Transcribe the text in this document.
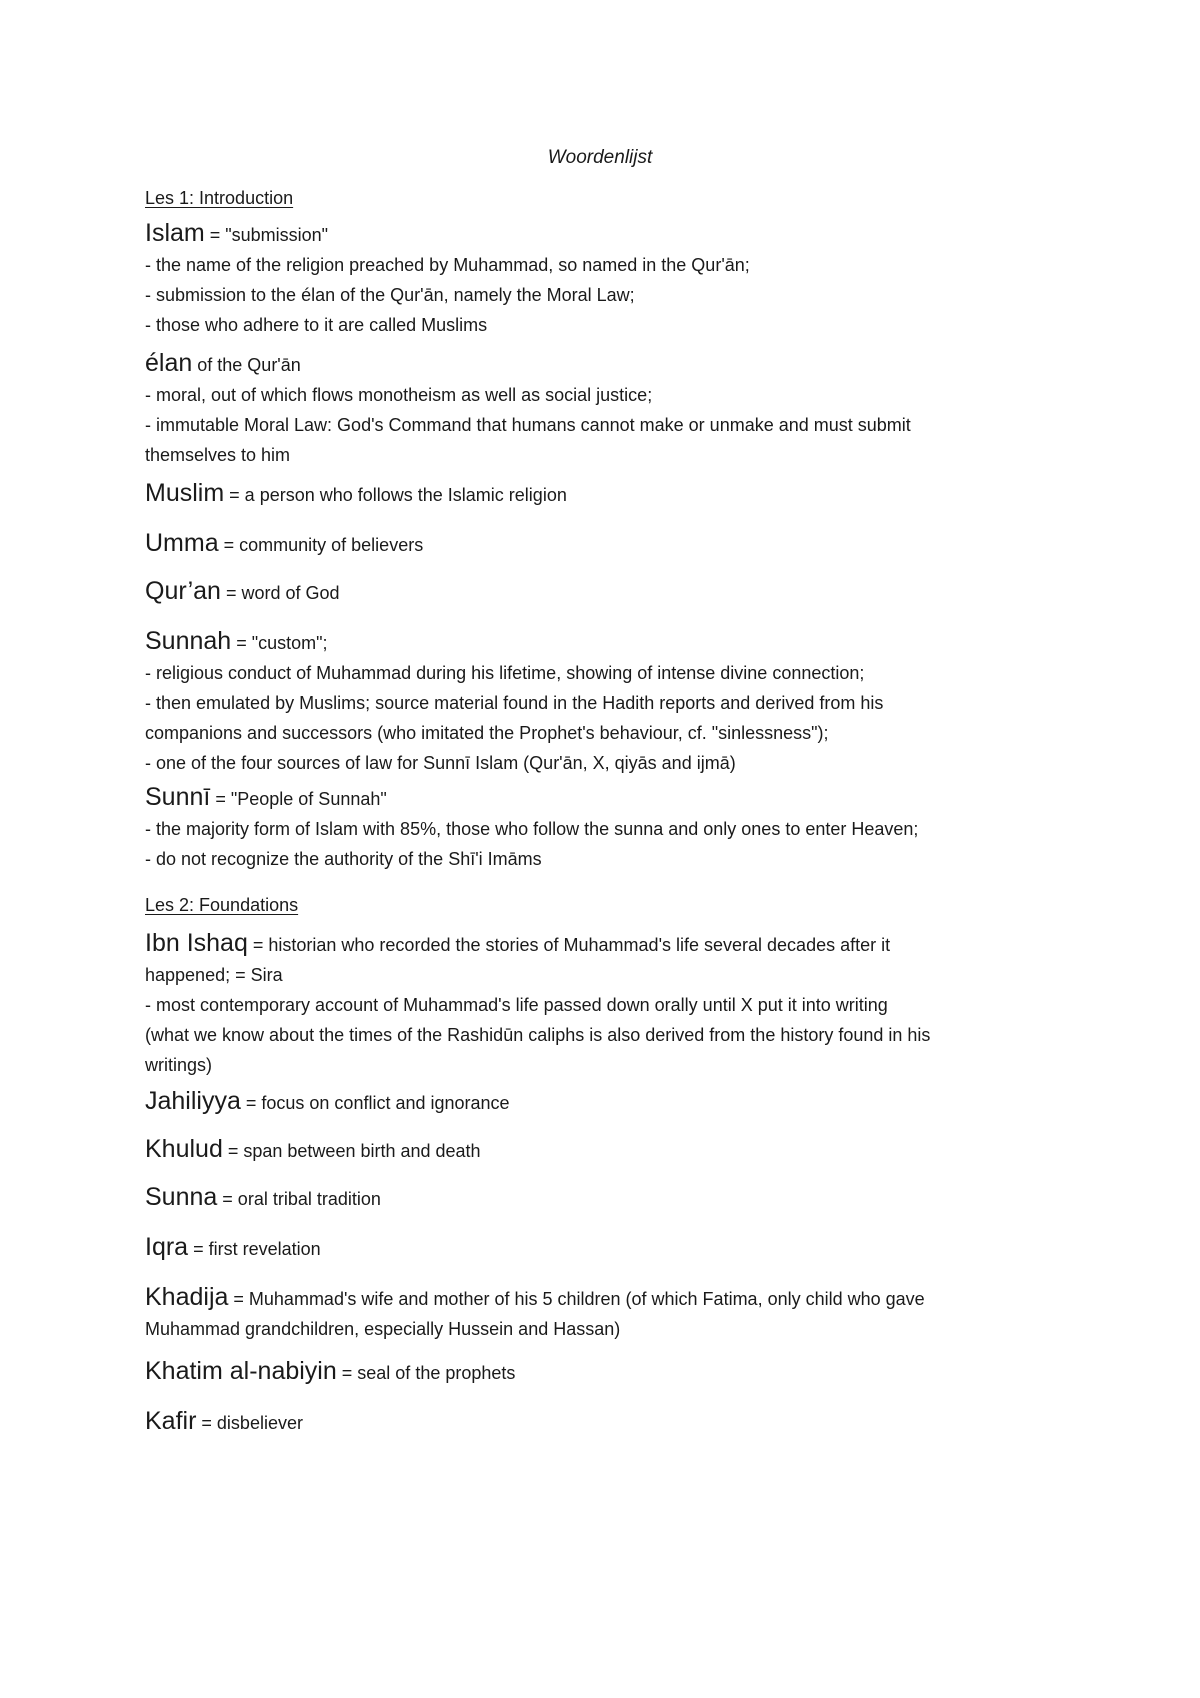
Woordenlijst
Les 1: Introduction
Islam = "submission"
- the name of the religion preached by Muhammad, so named in the Qur'ān;
- submission to the élan of the Qur'ān, namely the Moral Law;
- those who adhere to it are called Muslims
élan of the Qur'ān
- moral, out of which flows monotheism as well as social justice;
- immutable Moral Law: God's Command that humans cannot make or unmake and must submit
themselves to him
Muslim = a person who follows the Islamic religion
Umma = community of believers
Qur’an = word of God
Sunnah = "custom";
- religious conduct of Muhammad during his lifetime, showing of intense divine connection;
- then emulated by Muslims; source material found in the Hadith reports and derived from his
companions and successors (who imitated the Prophet's behaviour, cf. "sinlessness");
- one of the four sources of law for Sunnī Islam (Qur'ān, X, qiyās and ijmā)
Sunnī = "People of Sunnah"
- the majority form of Islam with 85%, those who follow the sunna and only ones to enter Heaven;
- do not recognize the authority of the Shī'i Imāms
Les 2: Foundations
Ibn Ishaq = historian who recorded the stories of Muhammad's life several decades after it
happened; = Sira
- most contemporary account of Muhammad's life passed down orally until X put it into writing
(what we know about the times of the Rashidūn caliphs is also derived from the history found in his
writings)
Jahiliyya = focus on conflict and ignorance
Khulud = span between birth and death
Sunna = oral tribal tradition
Iqra = first revelation
Khadija = Muhammad's wife and mother of his 5 children (of which Fatima, only child who gave
Muhammad grandchildren, especially Hussein and Hassan)
Khatim al-nabiyin = seal of the prophets
Kafir = disbeliever
